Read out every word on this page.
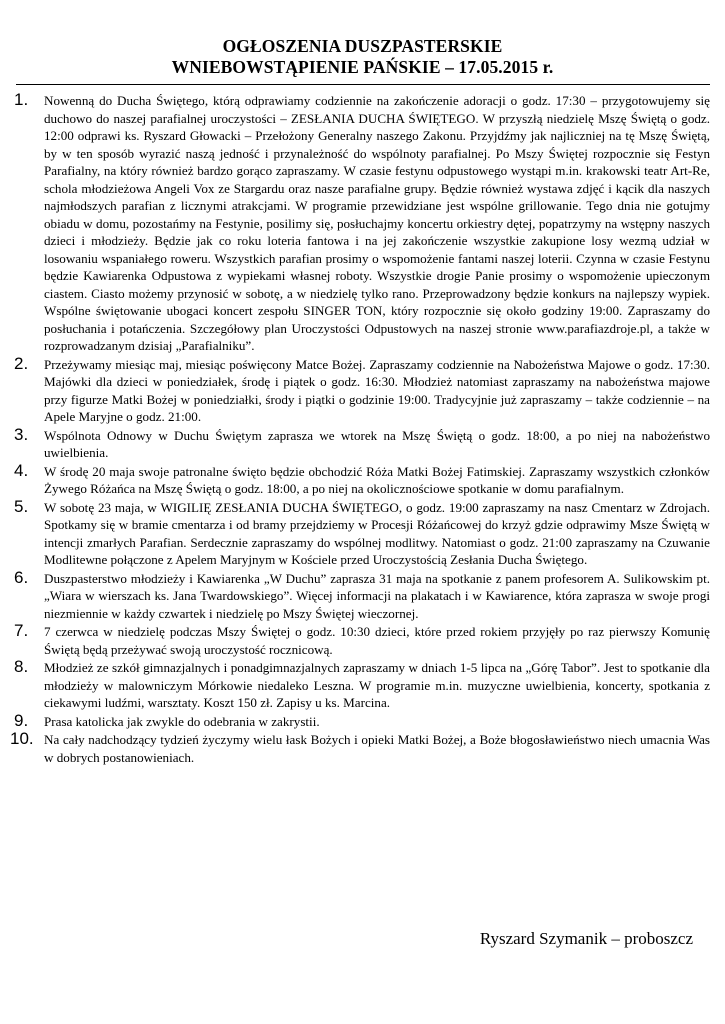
OGŁOSZENIA DUSZPASTERSKIE
WNIEBOWSTĄPIENIE PAŃSKIE – 17.05.2015 r.
1. Nowenną do Ducha Świętego, którą odprawiamy codziennie na zakończenie adoracji o godz. 17:30 – przygotowujemy się duchowo do naszej parafialnej uroczystości – ZESŁANIA DUCHA ŚWIĘTEGO. W przyszłą niedzielę Mszę Świętą o godz. 12:00 odprawi ks. Ryszard Głowacki – Przełożony Generalny naszego Zakonu. Przyjdźmy jak najliczniej na tę Mszę Świętą, by w ten sposób wyrazić naszą jedność i przynależność do wspólnoty parafialnej. Po Mszy Świętej rozpocznie się Festyn Parafialny, na który również bardzo gorąco zapraszamy. W czasie festynu odpustowego wystąpi m.in. krakowski teatr Art-Re, schola młodzieżowa Angeli Vox ze Stargardu oraz nasze parafialne grupy. Będzie również wystawa zdjęć i kącik dla naszych najmłodszych parafian z licznymi atrakcjami. W programie przewidziane jest wspólne grillowanie. Tego dnia nie gotujmy obiadu w domu, pozostańmy na Festynie, posilimy się, posłuchajmy koncertu orkiestry dętej, popatrzymy na wstępny naszych dzieci i młodzieży. Będzie jak co roku loteria fantowa i na jej zakończenie wszystkie zakupione losy wezmą udział w losowaniu wspaniałego roweru. Wszystkich parafian prosimy o wspomożenie fantami naszej loterii. Czynna w czasie Festynu będzie Kawiarenka Odpustowa z wypiekami własnej roboty. Wszystkie drogie Panie prosimy o wspomożenie upieczonym ciastem. Ciasto możemy przynosić w sobotę, a w niedzielę tylko rano. Przeprowadzony będzie konkurs na najlepszy wypiek. Wspólne świętowanie ubogaci koncert zespołu SINGER TON, który rozpocznie się około godziny 19:00. Zapraszamy do posłuchania i potańczenia. Szczegółowy plan Uroczystości Odpustowych na naszej stronie www.parafiazdroje.pl, a także w rozprowadzanym dzisiaj „Parafialniku”.
2. Przeżywamy miesiąc maj, miesiąc poświęcony Matce Bożej. Zapraszamy codziennie na Nabożeństwa Majowe o godz. 17:30. Majówki dla dzieci w poniedziałek, środę i piątek o godz. 16:30. Młodzież natomiast zapraszamy na nabożeństwa majowe przy figurze Matki Bożej w poniedziałki, środy i piątki o godzinie 19:00. Tradycyjnie już zapraszamy – także codziennie – na Apele Maryjne o godz. 21:00.
3. Wspólnota Odnowy w Duchu Świętym zaprasza we wtorek na Mszę Świętą o godz. 18:00, a po niej na nabożeństwo uwielbienia.
4. W środę 20 maja swoje patronalne święto będzie obchodzić Róża Matki Bożej Fatimskiej. Zapraszamy wszystkich członków Żywego Różańca na Mszę Świętą o godz. 18:00, a po niej na okolicznościowe spotkanie w domu parafialnym.
5. W sobotę 23 maja, w WIGILIĘ ZESŁANIA DUCHA ŚWIĘTEGO, o godz. 19:00 zapraszamy na nasz Cmentarz w Zdrojach. Spotkamy się w bramie cmentarza i od bramy przejdziemy w Procesji Różańcowej do krzyż gdzie odprawimy Msze Świętą w intencji zmarłych Parafian. Serdecznie zapraszamy do wspólnej modlitwy. Natomiast o godz. 21:00 zapraszamy na Czuwanie Modlitewne połączone z Apelem Maryjnym w Kościele przed Uroczystością Zesłania Ducha Świętego.
6. Duszpasterstwo młodzieży i Kawiarenka „W Duchu” zaprasza 31 maja na spotkanie z panem profesorem A. Sulikowskim pt. „Wiara w wierszach ks. Jana Twardowskiego”. Więcej informacji na plakatach i w Kawiarence, która zaprasza w swoje progi niezmiennie w każdy czwartek i niedzielę po Mszy Świętej wieczornej.
7. 7 czerwca w niedzielę podczas Mszy Świętej o godz. 10:30 dzieci, które przed rokiem przyjęły po raz pierwszy Komunię Świętą będą przeżywać swoją uroczystość rocznicową.
8. Młodzież ze szkół gimnazjalnych i ponadgimnazjalnych zapraszamy w dniach 1-5 lipca na „Górę Tabor”. Jest to spotkanie dla młodzieży w malowniczym Mórkowie niedaleko Leszna. W programie m.in. muzyczne uwielbienia, koncerty, spotkania z ciekawymi ludźmi, warsztaty. Koszt 150 zł. Zapisy u ks. Marcina.
9. Prasa katolicka jak zwykle do odebrania w zakrystii.
10. Na cały nadchodzący tydzień życzymy wielu łask Bożych i opieki Matki Bożej, a Boże błogosławieństwo niech umacnia Was w dobrych postanowieniach.
Ryszard Szymanik – proboszcz
